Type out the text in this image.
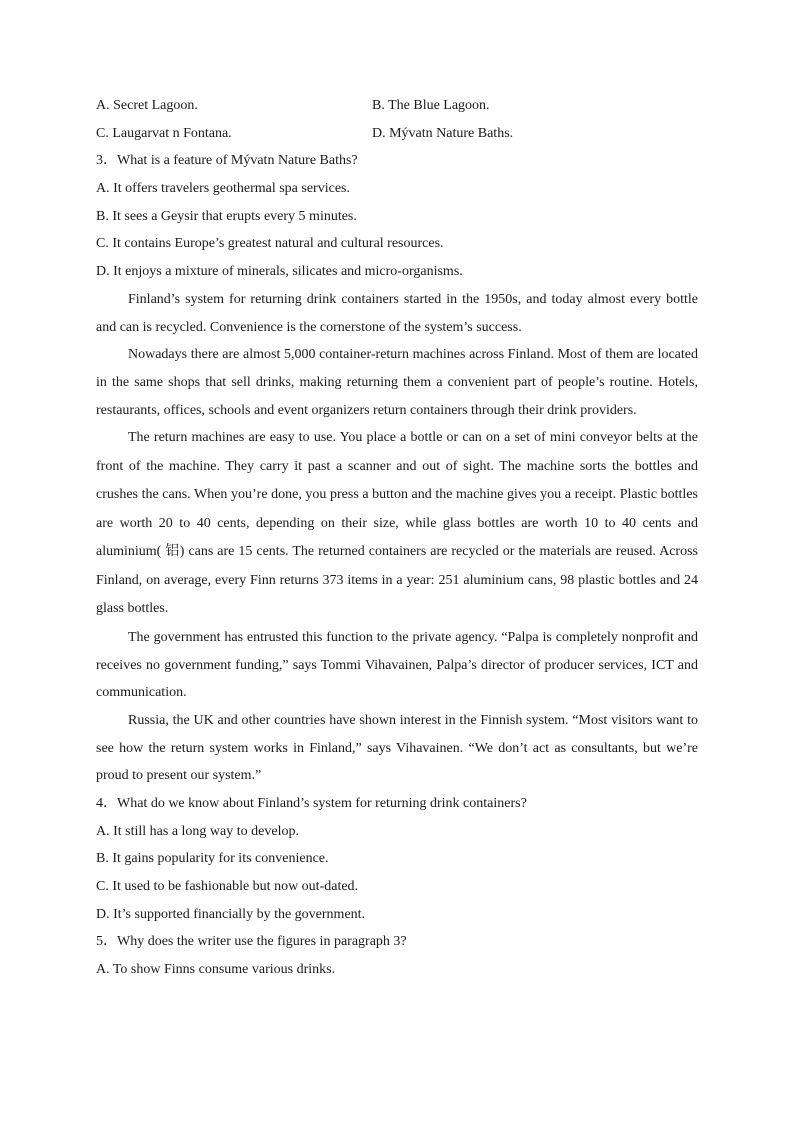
A. Secret Lagoon.	B. The Blue Lagoon.
C. Laugarvat n Fontana.	D. Mývatn Nature Baths.
3．What is a feature of Mývatn Nature Baths?
A. It offers travelers geothermal spa services.
B. It sees a Geysir that erupts every 5 minutes.
C. It contains Europe’s greatest natural and cultural resources.
D. It enjoys a mixture of minerals, silicates and micro-organisms.

Finland’s system for returning drink containers started in the 1950s, and today almost every bottle and can is recycled. Convenience is the cornerstone of the system’s success.

Nowadays there are almost 5,000 container-return machines across Finland. Most of them are located in the same shops that sell drinks, making returning them a convenient part of people’s routine. Hotels, restaurants, offices, schools and event organizers return containers through their drink providers.

The return machines are easy to use. You place a bottle or can on a set of mini conveyor belts at the front of the machine. They carry it past a scanner and out of sight. The machine sorts the bottles and crushes the cans. When you’re done, you press a button and the machine gives you a receipt. Plastic bottles are worth 20 to 40 cents, depending on their size, while glass bottles are worth 10 to 40 cents and aluminium( 铝) cans are 15 cents. The returned containers are recycled or the materials are reused. Across Finland, on average, every Finn returns 373 items in a year: 251 aluminium cans, 98 plastic bottles and 24 glass bottles.

The government has entrusted this function to the private agency. “Palpa is completely nonprofit and receives no government funding,” says Tommi Vihavainen, Palpa’s director of producer services, ICT and communication.

Russia, the UK and other countries have shown interest in the Finnish system. “Most visitors want to see how the return system works in Finland,” says Vihavainen. “We don’t act as consultants, but we’re proud to present our system.”

4．What do we know about Finland’s system for returning drink containers?
A. It still has a long way to develop.
B. It gains popularity for its convenience.
C. It used to be fashionable but now out-dated.
D. It’s supported financially by the government.
5．Why does the writer use the figures in paragraph 3?
A. To show Finns consume various drinks.
